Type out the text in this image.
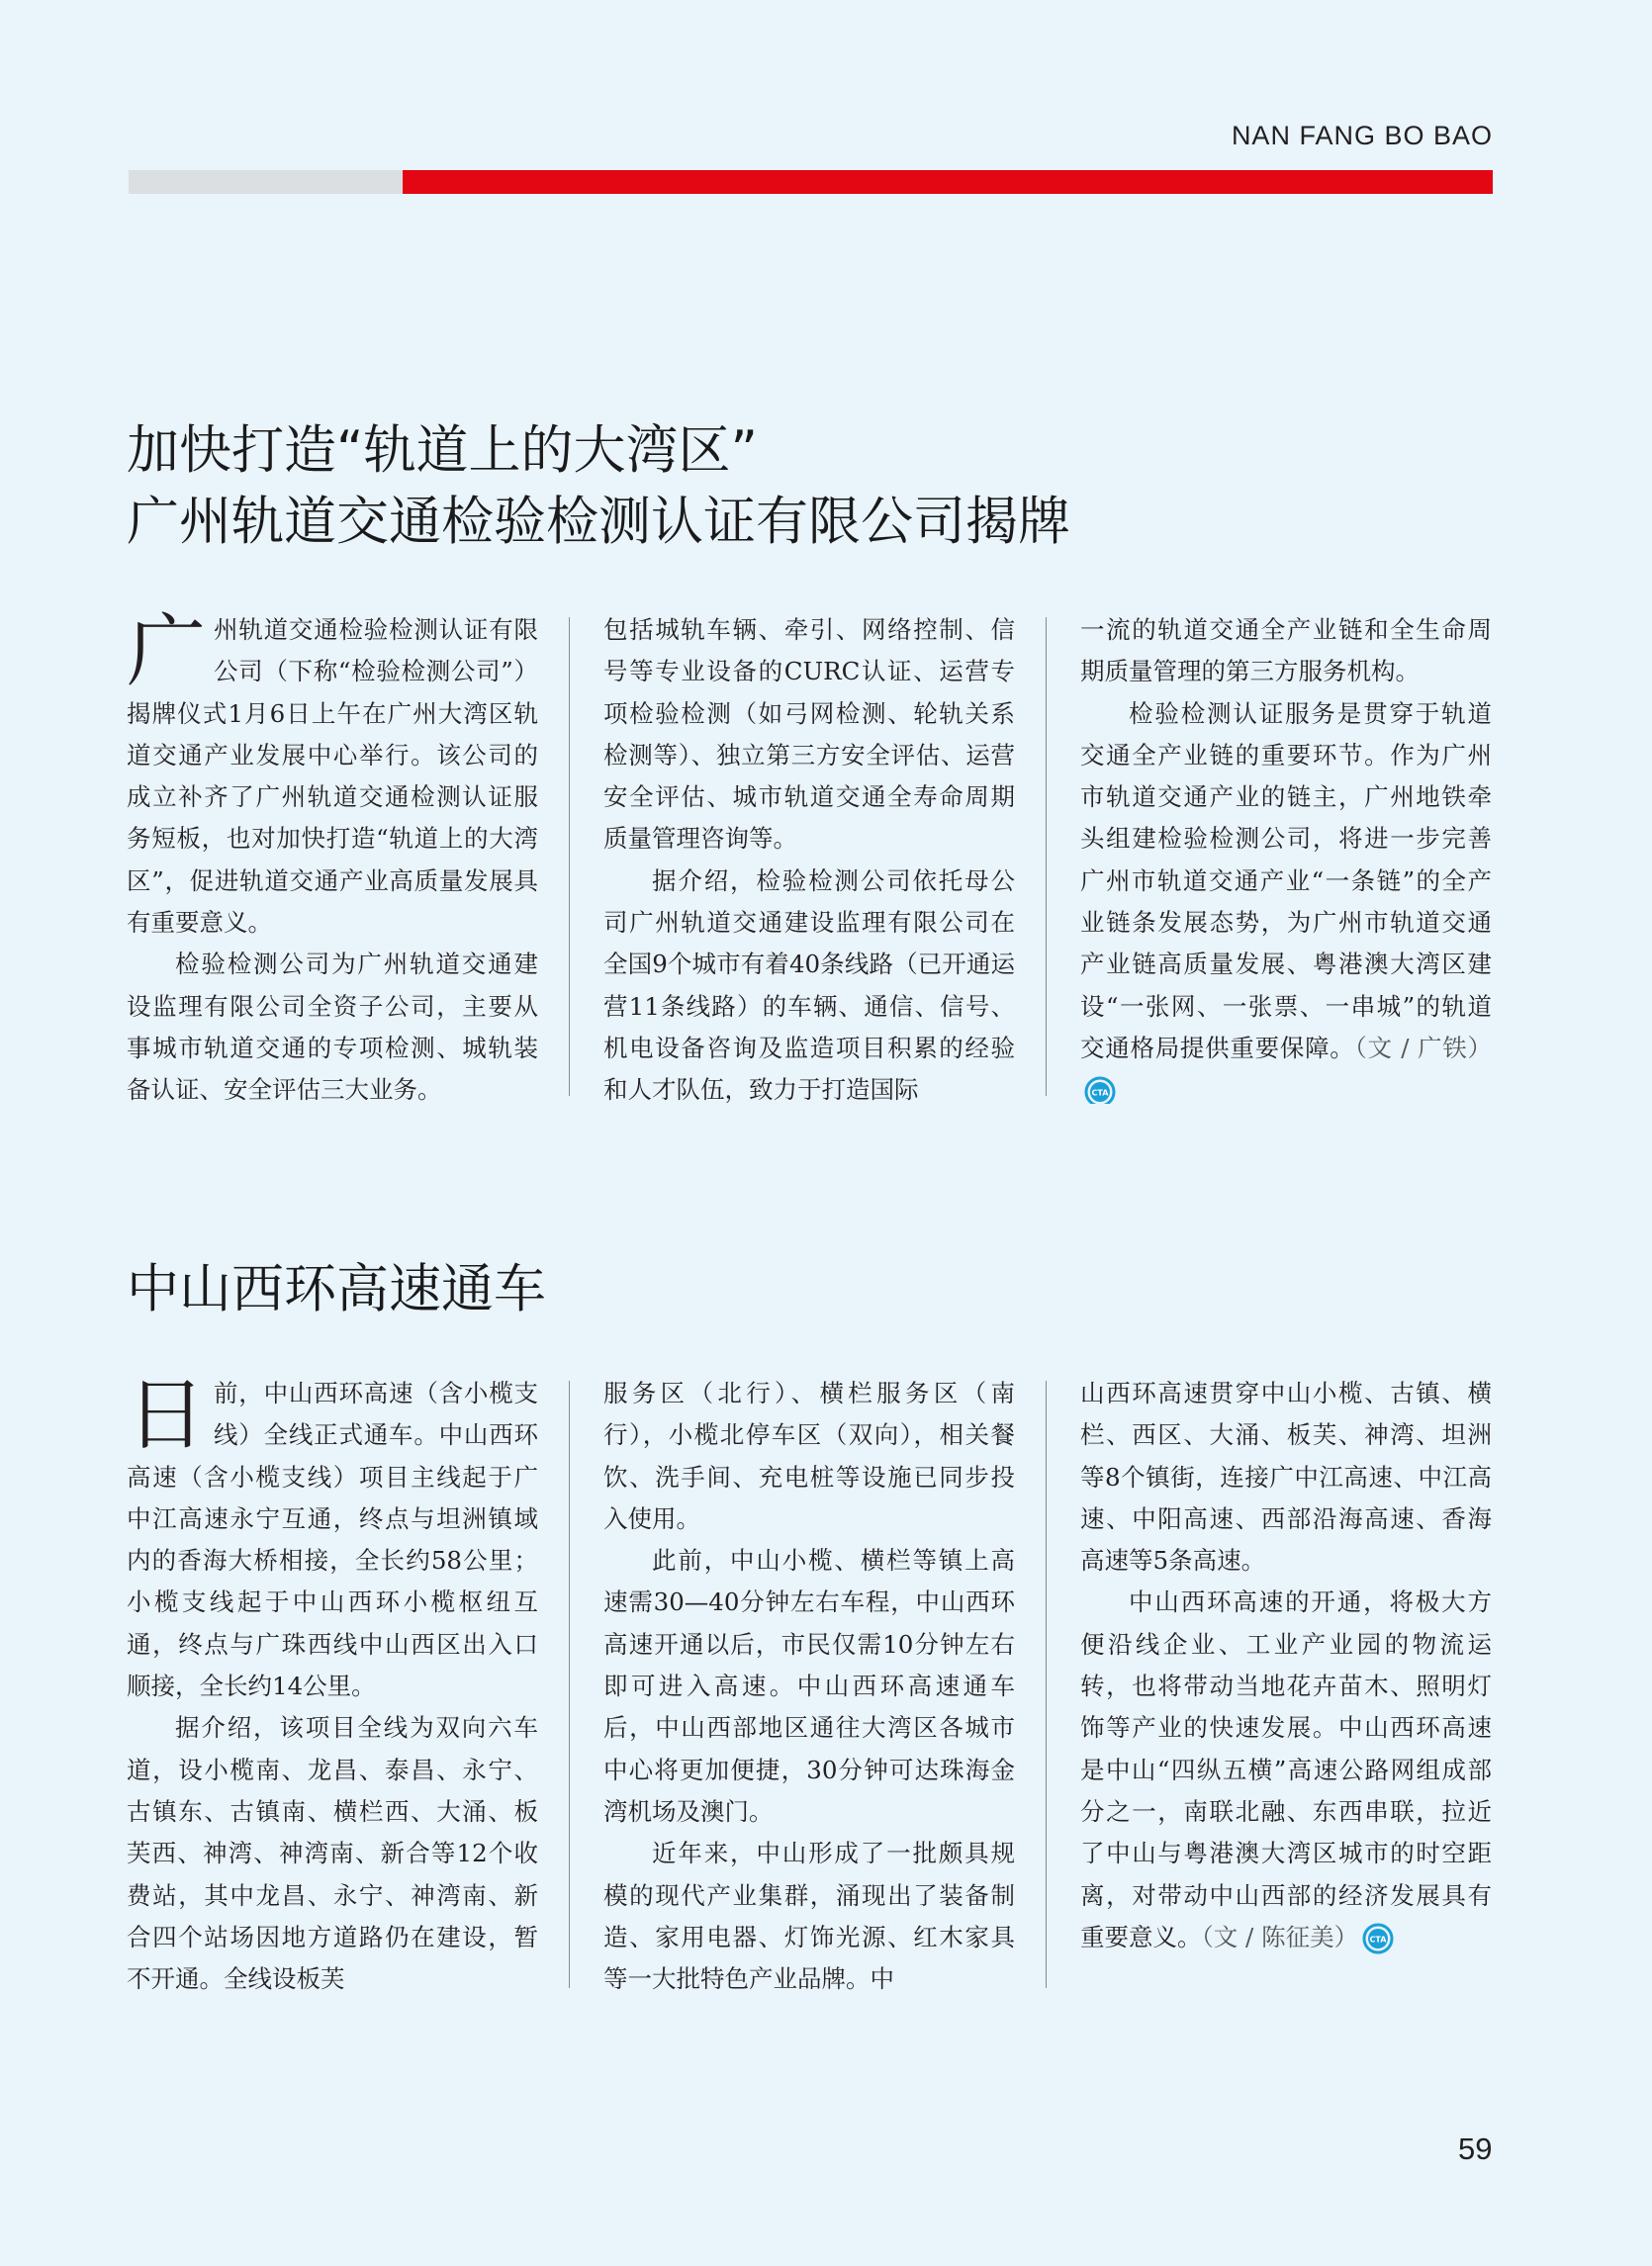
NAN FANG BO BAO
加快打造“轨道上的大湾区”
广州轨道交通检验检测认证有限公司揭牌

广州轨道交通检验检测认证有限公司（下称“检验检测公司”）揭牌仪式1月6日上午在广州大湾区轨道交通产业发展中心举行。该公司的成立补齐了广州轨道交通检测认证服务短板，也对加快打造“轨道上的大湾区”，促进轨道交通产业高质量发展具有重要意义。

检验检测公司为广州轨道交通建设监理有限公司全资子公司，主要从事城市轨道交通的专项检测、城轨装备认证、安全评估三大业务。

包括城轨车辆、牵引、网络控制、信号等专业设备的CURC认证、运营专项检验检测（如弓网检测、轮轨关系检测等）、独立第三方安全评估、运营安全评估、城市轨道交通全寿命周期质量管理咨询等。

据介绍，检验检测公司依托母公司广州轨道交通建设监理有限公司在全国9个城市有着40条线路（已开通运营11条线路）的车辆、通信、信号、机电设备咨询及监造项目积累的经验和人才队伍，致力于打造国际

一流的轨道交通全产业链和全生命周期质量管理的第三方服务机构。

检验检测认证服务是贯穿于轨道交通全产业链的重要环节。作为广州市轨道交通产业的链主，广州地铁牵头组建检验检测公司，将进一步完善广州市轨道交通产业“一条链”的全产业链条发展态势，为广州市轨道交通产业链高质量发展、粤港澳大湾区建设“一张网、一张票、一串城”的轨道交通格局提供重要保障。（文 / 广铁）
CTA

中山西环高速通车

日前，中山西环高速（含小榄支线）全线正式通车。中山西环高速（含小榄支线）项目主线起于广中江高速永宁互通，终点与坦洲镇域内的香海大桥相接，全长约58公里；小榄支线起于中山西环小榄枢纽互通，终点与广珠西线中山西区出入口顺接，全长约14公里。

据介绍，该项目全线为双向六车道，设小榄南、龙昌、泰昌、永宁、古镇东、古镇南、横栏西、大涌、板芙西、神湾、神湾南、新合等12个收费站，其中龙昌、永宁、神湾南、新合四个站场因地方道路仍在建设，暂不开通。全线设板芙

服务区（北行）、横栏服务区（南行），小榄北停车区（双向），相关餐饮、洗手间、充电桩等设施已同步投入使用。

此前，中山小榄、横栏等镇上高速需30—40分钟左右车程，中山西环高速开通以后，市民仅需10分钟左右即可进入高速。中山西环高速通车后，中山西部地区通往大湾区各城市中心将更加便捷，30分钟可达珠海金湾机场及澳门。

近年来，中山形成了一批颇具规模的现代产业集群，涌现出了装备制造、家用电器、灯饰光源、红木家具等一大批特色产业品牌。中

山西环高速贯穿中山小榄、古镇、横栏、西区、大涌、板芙、神湾、坦洲等8个镇街，连接广中江高速、中江高速、中阳高速、西部沿海高速、香海高速等5条高速。

中山西环高速的开通，将极大方便沿线企业、工业产业园的物流运转，也将带动当地花卉苗木、照明灯饰等产业的快速发展。中山西环高速是中山“四纵五横”高速公路网组成部分之一，南联北融、东西串联，拉近了中山与粤港澳大湾区城市的时空距离，对带动中山西部的经济发展具有重要意义。（文 / 陈征美） CTA

59
